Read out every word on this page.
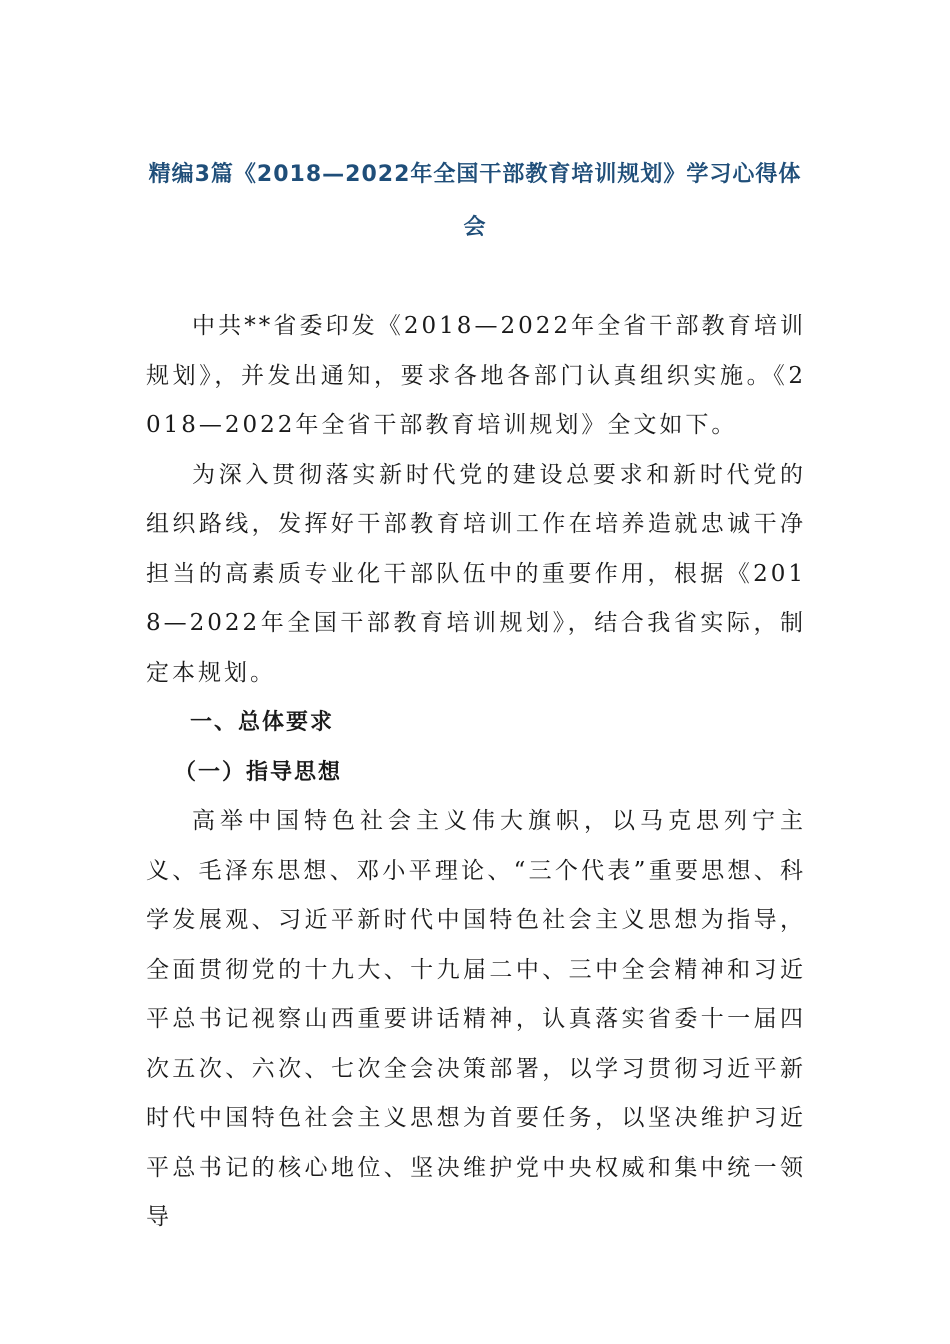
精编3篇《2018—2022年全国干部教育培训规划》学习心得体会

中共**省委印发《2018—2022年全省干部教育培训规划》，并发出通知，要求各地各部门认真组织实施。《2018—2022年全省干部教育培训规划》全文如下。

为深入贯彻落实新时代党的建设总要求和新时代党的组织路线，发挥好干部教育培训工作在培养造就忠诚干净担当的高素质专业化干部队伍中的重要作用，根据《2018—2022年全国干部教育培训规划》，结合我省实际，制定本规划。

一、总体要求

（一）指导思想

高举中国特色社会主义伟大旗帜，以马克思列宁主义、毛泽东思想、邓小平理论、“三个代表”重要思想、科学发展观、习近平新时代中国特色社会主义思想为指导，全面贯彻党的十九大、十九届二中、三中全会精神和习近平总书记视察山西重要讲话精神，认真落实省委十一届四次五次、六次、七次全会决策部署，以学习贯彻习近平新时代中国特色社会主义思想为首要任务，以坚决维护习近平总书记的核心地位、坚决维护党中央权威和集中统一领导
